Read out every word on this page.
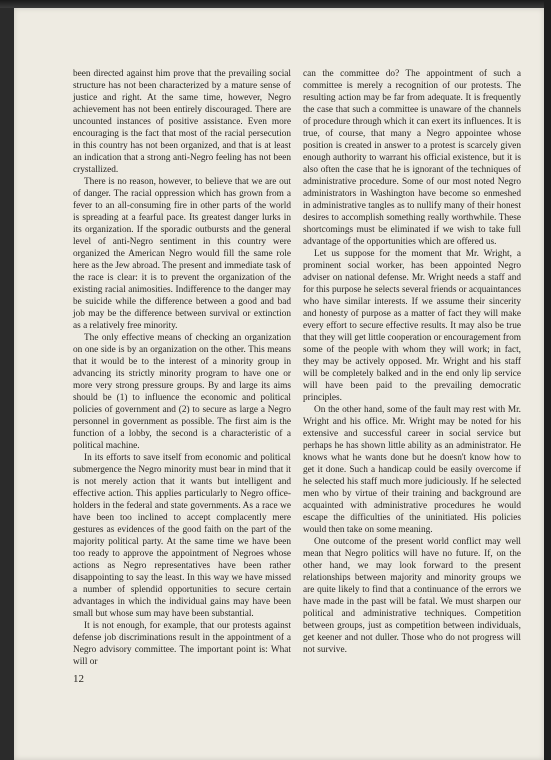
been directed against him prove that the prevailing social structure has not been characterized by a mature sense of justice and right. At the same time, however, Negro achievement has not been entirely discouraged. There are uncounted instances of positive assistance. Even more encouraging is the fact that most of the racial persecution in this country has not been organized, and that is at least an indication that a strong anti-Negro feeling has not been crystallized.

There is no reason, however, to believe that we are out of danger. The racial oppression which has grown from a fever to an all-consuming fire in other parts of the world is spreading at a fearful pace. Its greatest danger lurks in its organization. If the sporadic outbursts and the general level of anti-Negro sentiment in this country were organized the American Negro would fill the same role here as the Jew abroad. The present and immediate task of the race is clear: it is to prevent the organization of the existing racial animosities. Indifference to the danger may be suicide while the difference between a good and bad job may be the difference between survival or extinction as a relatively free minority.

The only effective means of checking an organization on one side is by an organization on the other. This means that it would be to the interest of a minority group in advancing its strictly minority program to have one or more very strong pressure groups. By and large its aims should be (1) to influence the economic and political policies of government and (2) to secure as large a Negro personnel in government as possible. The first aim is the function of a lobby, the second is a characteristic of a political machine.

In its efforts to save itself from economic and political submergence the Negro minority must bear in mind that it is not merely action that it wants but intelligent and effective action. This applies particularly to Negro office-holders in the federal and state governments. As a race we have been too inclined to accept complacently mere gestures as evidences of the good faith on the part of the majority political party. At the same time we have been too ready to approve the appointment of Negroes whose actions as Negro representatives have been rather disappointing to say the least. In this way we have missed a number of splendid opportunities to secure certain advantages in which the individual gains may have been small but whose sum may have been substantial.

It is not enough, for example, that our protests against defense job discriminations result in the appointment of a Negro advisory committee. The important point is: What will or

can the committee do? The appointment of such a committee is merely a recognition of our protests. The resulting action may be far from adequate. It is frequently the case that such a committee is unaware of the channels of procedure through which it can exert its influences. It is true, of course, that many a Negro appointee whose position is created in answer to a protest is scarcely given enough authority to warrant his official existence, but it is also often the case that he is ignorant of the techniques of administrative procedure. Some of our most noted Negro administrators in Washington have become so enmeshed in administrative tangles as to nullify many of their honest desires to accomplish something really worthwhile. These shortcomings must be eliminated if we wish to take full advantage of the opportunities which are offered us.

Let us suppose for the moment that Mr. Wright, a prominent social worker, has been appointed Negro adviser on national defense. Mr. Wright needs a staff and for this purpose he selects several friends or acquaintances who have similar interests. If we assume their sincerity and honesty of purpose as a matter of fact they will make every effort to secure effective results. It may also be true that they will get little cooperation or encouragement from some of the people with whom they will work; in fact, they may be actively opposed. Mr. Wright and his staff will be completely balked and in the end only lip service will have been paid to the prevailing democratic principles.

On the other hand, some of the fault may rest with Mr. Wright and his office. Mr. Wright may be noted for his extensive and successful career in social service but perhaps he has shown little ability as an administrator. He knows what he wants done but he doesn't know how to get it done. Such a handicap could be easily overcome if he selected his staff much more judiciously. If he selected men who by virtue of their training and background are acquainted with administrative procedures he would escape the difficulties of the uninitiated. His policies would then take on some meaning.

One outcome of the present world conflict may well mean that Negro politics will have no future. If, on the other hand, we may look forward to the present relationships between majority and minority groups we are quite likely to find that a continuance of the errors we have made in the past will be fatal. We must sharpen our political and administrative techniques. Competition between groups, just as competition between individuals, get keener and not duller. Those who do not progress will not survive.

12
